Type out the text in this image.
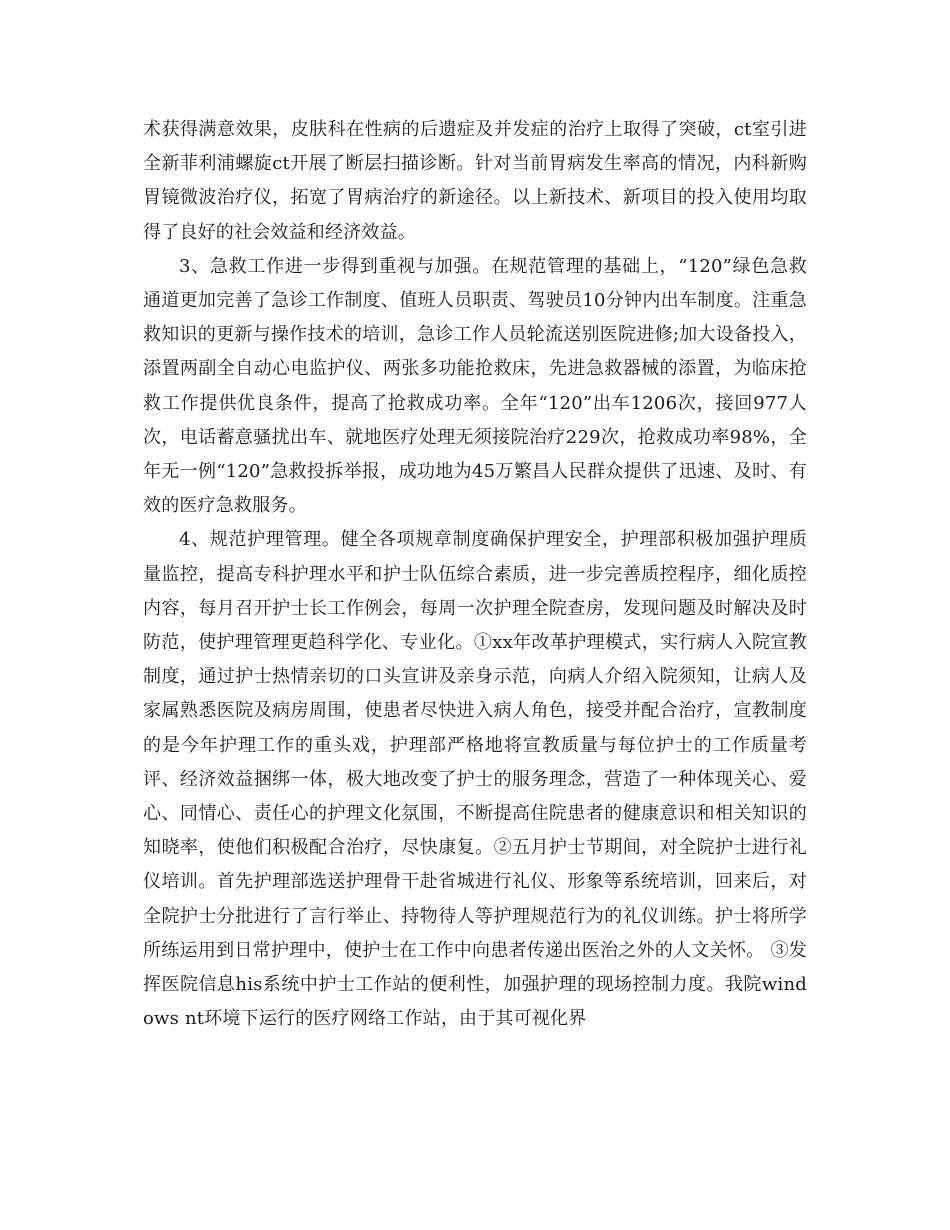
术获得满意效果，皮肤科在性病的后遗症及并发症的治疗上取得了突破，ct室引进全新菲利浦螺旋ct开展了断层扫描诊断。针对当前胃病发生率高的情况，内科新购胃镜微波治疗仪，拓宽了胃病治疗的新途径。以上新技术、新项目的投入使用均取得了良好的社会效益和经济效益。

3、急救工作进一步得到重视与加强。在规范管理的基础上，“120”绿色急救通道更加完善了急诊工作制度、值班人员职责、驾驶员10分钟内出车制度。注重急救知识的更新与操作技术的培训，急诊工作人员轮流送别医院进修;加大设备投入，添置两副全自动心电监护仪、两张多功能抢救床，先进急救器械的添置，为临床抢救工作提供优良条件，提高了抢救成功率。全年“120”出车1206次，接回977人次，电话蓄意骚扰出车、就地医疗处理无须接院治疗229次，抢救成功率98%，全年无一例“120”急救投拆举报，成功地为45万繁昌人民群众提供了迅速、及时、有效的医疗急救服务。

4、规范护理管理。健全各项规章制度确保护理安全，护理部积极加强护理质量监控，提高专科护理水平和护士队伍综合素质，进一步完善质控程序，细化质控内容，每月召开护士长工作例会，每周一次护理全院查房，发现问题及时解决及时防范，使护理管理更趋科学化、专业化。①xx年改革护理模式，实行病人入院宣教制度，通过护士热情亲切的口头宣讲及亲身示范，向病人介绍入院须知，让病人及家属熟悉医院及病房周围，使患者尽快进入病人角色，接受并配合治疗，宣教制度的是今年护理工作的重头戏，护理部严格地将宣教质量与每位护士的工作质量考评、经济效益捆绑一体，极大地改变了护士的服务理念，营造了一种体现关心、爱心、同情心、责任心的护理文化氛围，不断提高住院患者的健康意识和相关知识的知晓率，使他们积极配合治疗，尽快康复。②五月护士节期间，对全院护士进行礼仪培训。首先护理部选送护理骨干赴省城进行礼仪、形象等系统培训，回来后，对全院护士分批进行了言行举止、持物待人等护理规范行为的礼仪训练。护士将所学所练运用到日常护理中，使护士在工作中向患者传递出医治之外的人文关怀。 ③发挥医院信息his系统中护士工作站的便利性，加强护理的现场控制力度。我院windows nt环境下运行的医疗网络工作站，由于其可视化界
